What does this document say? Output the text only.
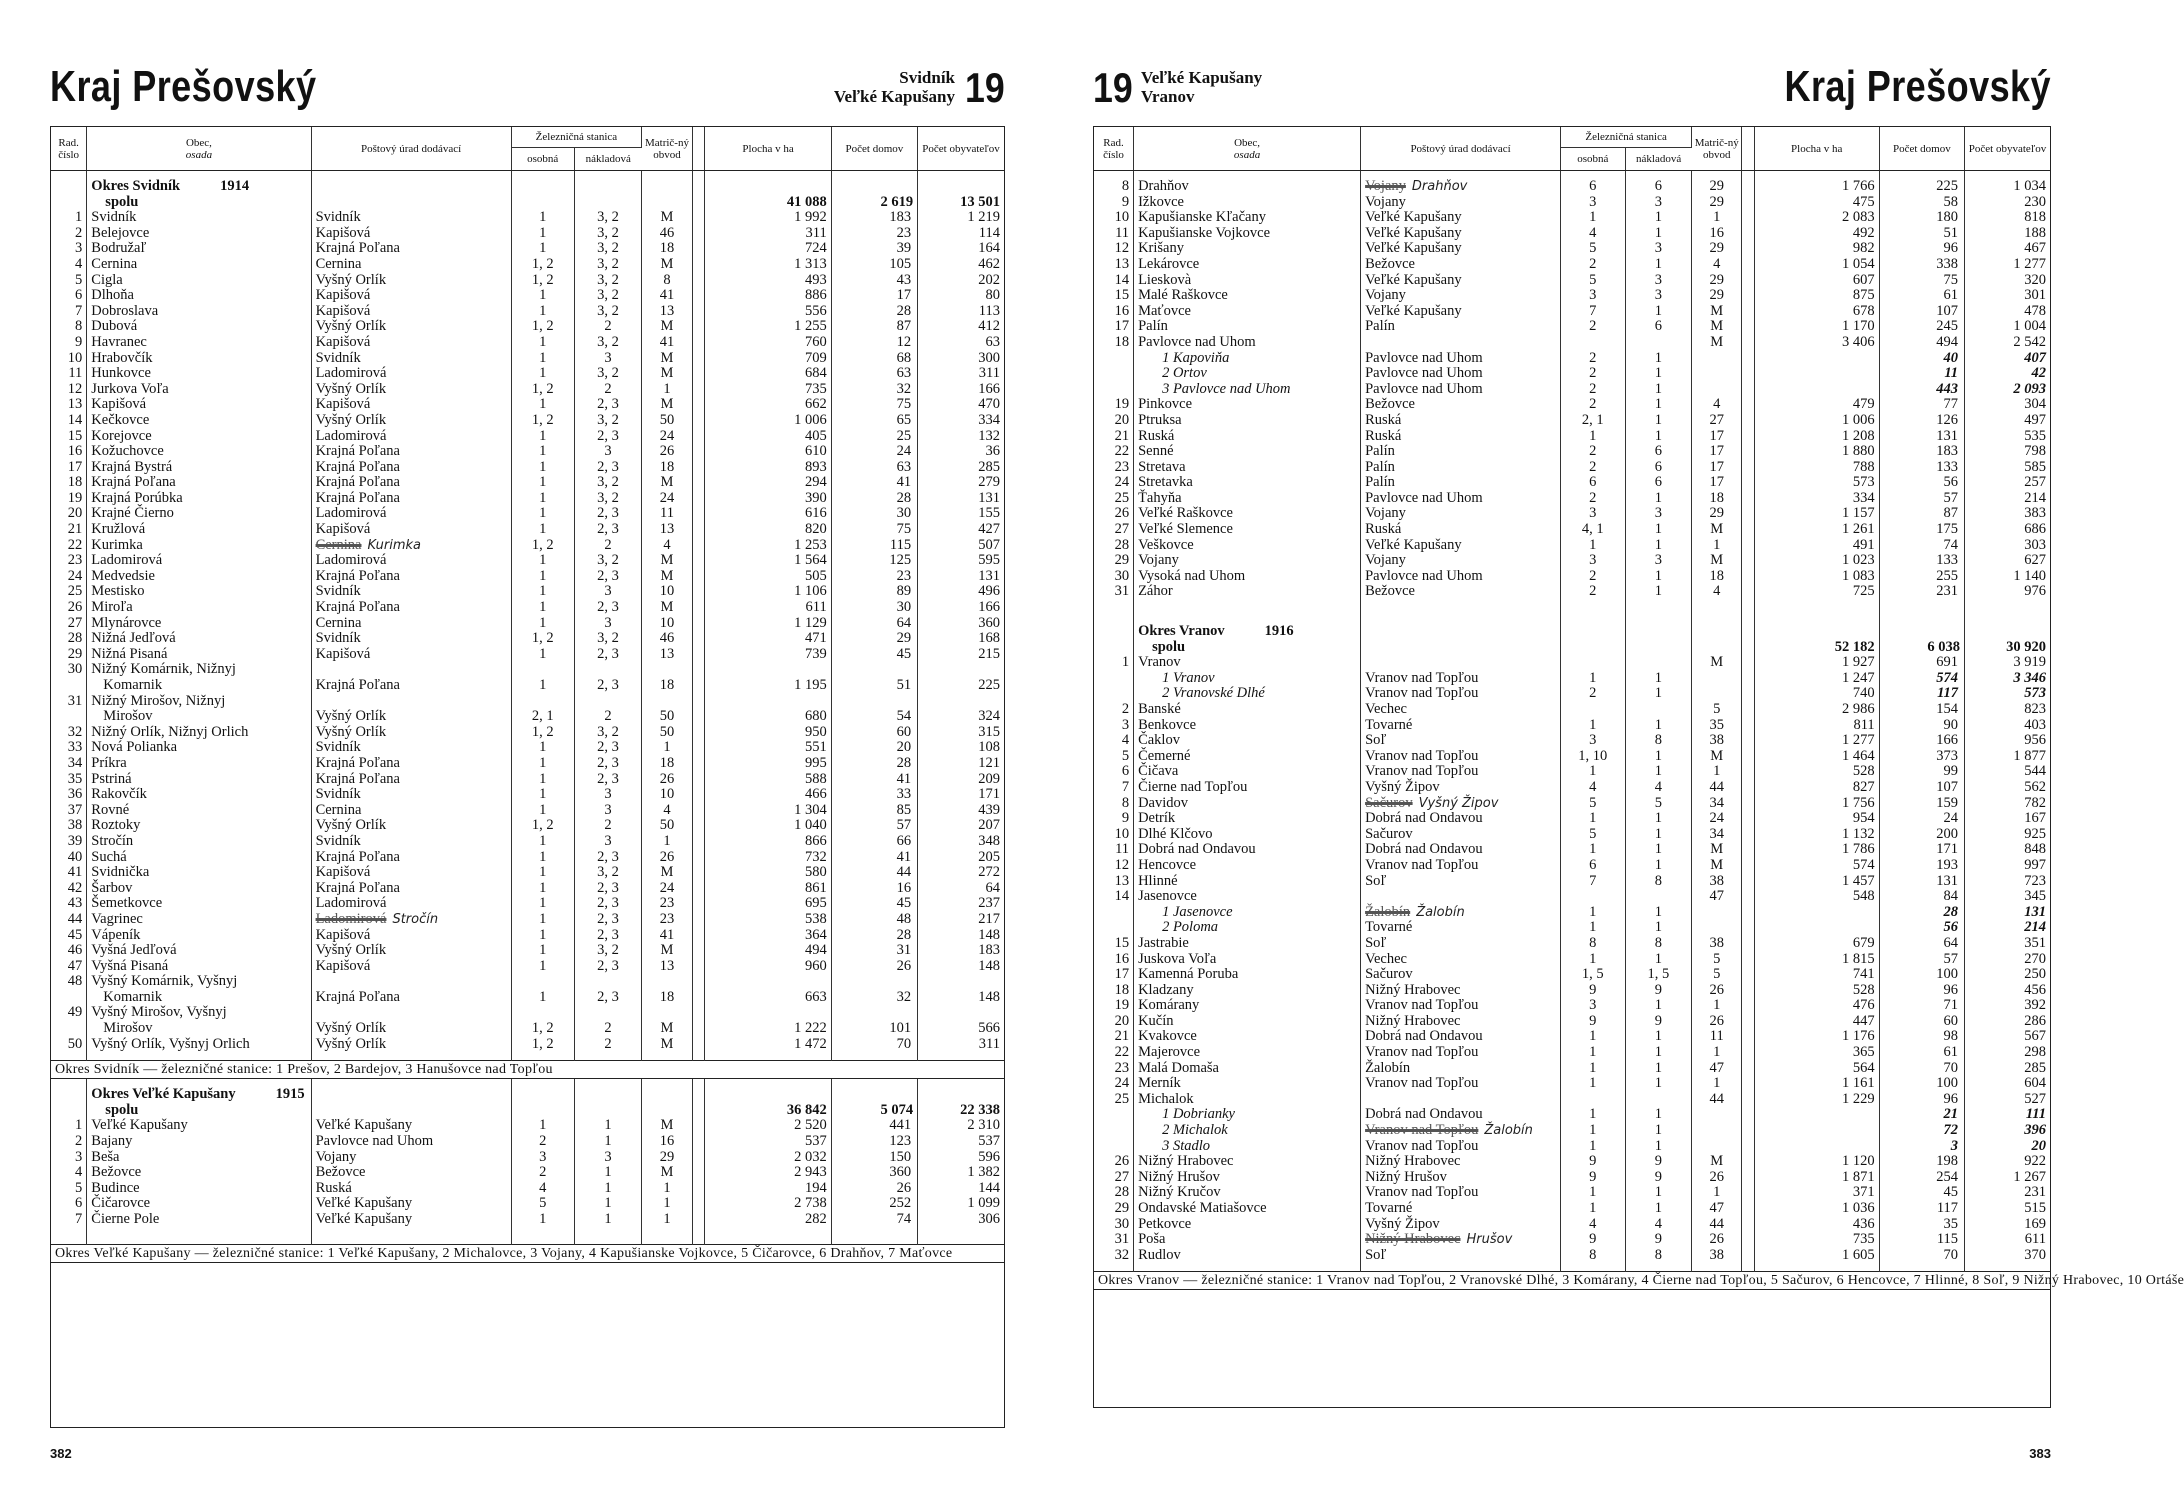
Kraj Prešovský	Svidník
Veľké Kapušany 19
Rad. číslo	Obec,
osada	Poštový úrad dodávací	Železničná stanica		Matrič-ný obvod		Plocha v ha	Počet domov	Počet obyvateľov
			osobná	nákladová					

	Okres Svidník 1914								
	spolu						41 088	2 619	13 501
1	Svidník	Svidník	1	3, 2	M		1 992	183	1 219
2	Belejovce	Kapišová	1	3, 2	46		311	23	114
3	Bodružaľ	Krajná Poľana	1	3, 2	18		724	39	164
4	Cernina	Cernina	1, 2	3, 2	M		1 313	105	462
5	Cigla	Vyšný Orlík	1, 2	3, 2	8		493	43	202
6	Dlhoňa	Kapišová	1	3, 2	41		886	17	80
7	Dobroslava	Kapišová	1	3, 2	13		556	28	113
8	Dubová	Vyšný Orlík	1, 2	2	M		1 255	87	412
9	Havranec	Kapišová	1	3, 2	41		760	12	63
10	Hrabovčík	Svidník	1	3	M		709	68	300
11	Hunkovce	Ladomirová	1	3, 2	M		684	63	311
12	Jurkova Voľa	Vyšný Orlík	1, 2	2	1		735	32	166
13	Kapišová	Kapišová	1	2, 3	M		662	75	470
14	Kečkovce	Vyšný Orlík	1, 2	3, 2	50		1 006	65	334
15	Korejovce	Ladomirová	1	2, 3	24		405	25	132
16	Kožuchovce	Krajná Poľana	1	3	26		610	24	36
17	Krajná Bystrá	Krajná Poľana	1	2, 3	18		893	63	285
18	Krajná Poľana	Krajná Poľana	1	3, 2	M		294	41	279
19	Krajná Porúbka	Krajná Poľana	1	3, 2	24		390	28	131
20	Krajné Čierno	Ladomirová	1	2, 3	11		616	30	155
21	Kružlová	Kapišová	1	2, 3	13		820	75	427
22	Kurimka	Cernina Kurimka	1, 2	2	4		1 253	115	507
23	Ladomirová	Ladomirová	1	3, 2	M		1 564	125	595
24	Medvedsie	Krajná Poľana	1	2, 3	M		505	23	131
25	Mestisko	Svidník	1	3	10		1 106	89	496
26	Miroľa	Krajná Poľana	1	2, 3	M		611	30	166
27	Mlynárovce	Cernina	1	3	10		1 129	64	360
28	Nižná Jedľová	Svidník	1, 2	3, 2	46		471	29	168
29	Nižná Pisaná	Kapišová	1	2, 3	13		739	45	215
30	Nižný Komárnik, Nižnyj								
	Komarnik	Krajná Poľana	1	2, 3	18		1 195	51	225
31	Nižný Mirošov, Nižnyj								
	Mirošov	Vyšný Orlík	2, 1	2	50		680	54	324
32	Nižný Orlík, Nižnyj Orlich	Vyšný Orlík	1, 2	3, 2	50		950	60	315
33	Nová Polianka	Svidník	1	2, 3	1		551	20	108
34	Príkra	Krajná Poľana	1	2, 3	18		995	28	121
35	Pstriná	Krajná Poľana	1	2, 3	26		588	41	209
36	Rakovčík	Svidník	1	3	10		466	33	171
37	Rovné	Cernina	1	3	4		1 304	85	439
38	Roztoky	Vyšný Orlík	1, 2	2	50		1 040	57	207
39	Stročín	Svidník	1	3	1		866	66	348
40	Suchá	Krajná Poľana	1	2, 3	26		732	41	205
41	Svidnička	Kapišová	1	3, 2	M		580	44	272
42	Šarbov	Krajná Poľana	1	2, 3	24		861	16	64
43	Šemetkovce	Ladomirová	1	2, 3	23		695	45	237
44	Vagrinec	Ladomirová Stročín	1	2, 3	23		538	48	217
45	Vápeník	Kapišová	1	2, 3	41		364	28	148
46	Vyšná Jedľová	Vyšný Orlík	1	3, 2	M		494	31	183
47	Vyšná Pisaná	Kapišová	1	2, 3	13		960	26	148
48	Vyšný Komárnik, Vyšnyj								
	Komarnik	Krajná Poľana	1	2, 3	18		663	32	148
49	Vyšný Mirošov, Vyšnyj								
	Mirošov	Vyšný Orlík	1, 2	2	M		1 222	101	566
50	Vyšný Orlík, Vyšnyj Orlich	Vyšný Orlík	1, 2	2	M		1 472	70	311

Okres Svidník — železničné stanice: 1 Prešov, 2 Bardejov, 3 Hanušovce nad Topľou									

	Okres Veľké Kapušany 1915								
	spolu						36 842	5 074	22 338
1	Veľké Kapušany	Veľké Kapušany	1	1	M		2 520	441	2 310
2	Bajany	Pavlovce nad Uhom	2	1	16		537	123	537
3	Beša	Vojany	3	3	29		2 032	150	596
4	Bežovce	Bežovce	2	1	M		2 943	360	1 382
5	Budince	Ruská	4	1	1		194	26	144
6	Čičarovce	Veľké Kapušany	5	1	1		2 738	252	1 099
7	Čierne Pole	Veľké Kapušany	1	1	1		282	74	306

Okres Veľké Kapušany — železničné stanice: 1 Veľké Kapušany, 2 Michalovce, 3 Vojany, 4 Kapušianske Vojkovce, 5 Čičarovce, 6 Drahňov, 7 Maťovce									
382
19 Veľké Kapušany
Vranov	Kraj Prešovský
Rad. číslo	Obec,
osada	Poštový úrad dodávací	Železničná stanica		Matrič-ný obvod		Plocha v ha	Počet domov	Počet obyvateľov
			osobná	nákladová					

8	Drahňov	Vojany Drahňov	6	6	29		1 766	225	1 034
9	Ižkovce	Vojany	3	3	29		475	58	230
10	Kapušianske Kľačany	Veľké Kapušany	1	1	1		2 083	180	818
11	Kapušianske Vojkovce	Veľké Kapušany	4	1	16		492	51	188
12	Krišany	Veľké Kapušany	5	3	29		982	96	467
13	Lekárovce	Bežovce	2	1	4		1 054	338	1 277
14	Lieskovà	Veľké Kapušany	5	3	29		607	75	320
15	Malé Raškovce	Vojany	3	3	29		875	61	301
16	Maťovce	Veľké Kapušany	7	1	M		678	107	478
17	Palín	Palín	2	6	M		1 170	245	1 004
18	Pavlovce nad Uhom				M		3 406	494	2 542
	1 Kapoviňa	Pavlovce nad Uhom	2	1				40	407
	2 Ortov	Pavlovce nad Uhom	2	1				11	42
	3 Pavlovce nad Uhom	Pavlovce nad Uhom	2	1				443	2 093
19	Pinkovce	Bežovce	2	1	4		479	77	304
20	Ptruksa	Ruská	2, 1	1	27		1 006	126	497
21	Ruská	Ruská	1	1	17		1 208	131	535
22	Senné	Palín	2	6	17		1 880	183	798
23	Stretava	Palín	2	6	17		788	133	585
24	Stretavka	Palín	6	6	17		573	56	257
25	Ťahyňa	Pavlovce nad Uhom	2	1	18		334	57	214
26	Veľké Raškovce	Vojany	3	3	29		1 157	87	383
27	Veľké Slemence	Ruská	4, 1	1	M		1 261	175	686
28	Veškovce	Veľké Kapušany	1	1	1		491	74	303
29	Vojany	Vojany	3	3	M		1 023	133	627
30	Vysoká nad Uhom	Pavlovce nad Uhom	2	1	18		1 083	255	1 140
31	Záhor	Bežovce	2	1	4		725	231	976

	Okres Vranov 1916								
	spolu						52 182	6 038	30 920
1	Vranov				M		1 927	691	3 919
	1 Vranov	Vranov nad Topľou	1	1			1 247	574	3 346
	2 Vranovské Dlhé	Vranov nad Topľou	2	1			740	117	573
2	Banské	Vechec			5		2 986	154	823
3	Benkovce	Tovarné	1	1	35		811	90	403
4	Čaklov	Soľ	3	8	38		1 277	166	956
5	Čemerné	Vranov nad Topľou	1, 10	1	M		1 464	373	1 877
6	Čičava	Vranov nad Topľou	1	1	1		528	99	544
7	Čierne nad Topľou	Vyšný Žipov	4	4	44		827	107	562
8	Davidov	Sačurov Vyšný Žipov	5	5	34		1 756	159	782
9	Detrík	Dobrá nad Ondavou	1	1	24		954	24	167
10	Dlhé Klčovo	Sačurov	5	1	34		1 132	200	925
11	Dobrá nad Ondavou	Dobrá nad Ondavou	1	1	M		1 786	171	848
12	Hencovce	Vranov nad Topľou	6	1	M		574	193	997
13	Hlinné	Soľ	7	8	38		1 457	131	723
14	Jasenovce				47		548	84	345
	1 Jasenovce	Žalobín Žalobín	1	1				28	131
	2 Poloma	Tovarné	1	1				56	214
15	Jastrabie	Soľ	8	8	38		679	64	351
16	Juskova Voľa	Vechec	1	1	5		1 815	57	270
17	Kamenná Poruba	Sačurov	1, 5	1, 5	5		741	100	250
18	Kladzany	Nižný Hrabovec	9	9	26		528	96	456
19	Komárany	Vranov nad Topľou	3	1	1		476	71	392
20	Kučín	Nižný Hrabovec	9	9	26		447	60	286
21	Kvakovce	Dobrá nad Ondavou	1	1	11		1 176	98	567
22	Majerovce	Vranov nad Topľou	1	1	1		365	61	298
23	Malá Domaša	Žalobín	1	1	47		564	70	285
24	Merník	Vranov nad Topľou	1	1	1		1 161	100	604
25	Michalok				44		1 229	96	527
	1 Dobrianky	Dobrá nad Ondavou	1	1				21	111
	2 Michalok	Vranov nad Topľou Žalobín	1	1				72	396
	3 Stadlo	Vranov nad Topľou	1	1				3	20
26	Nižný Hrabovec	Nižný Hrabovec	9	9	M		1 120	198	922
27	Nižný Hrušov	Nižný Hrušov	9	9	26		1 871	254	1 267
28	Nižný Kručov	Vranov nad Topľou	1	1	1		371	45	231
29	Ondavské Matiašovce	Tovarné	1	1	47		1 036	117	515
30	Petkovce	Vyšný Žipov	4	4	44		436	35	169
31	Poša	Nižný Hrabovec Hrušov	9	9	26		735	115	611
32	Rudlov	Soľ	8	8	38		1 605	70	370

Okres Vranov — železničné stanice: 1 Vranov nad Topľou, 2 Vranovské Dlhé, 3 Komárany, 4 Čierne nad Topľou, 5 Sačurov, 6 Hencovce, 7 Hlinné, 8 Soľ, 9 Nižný Hrabovec, 10 Ortáše									
383
